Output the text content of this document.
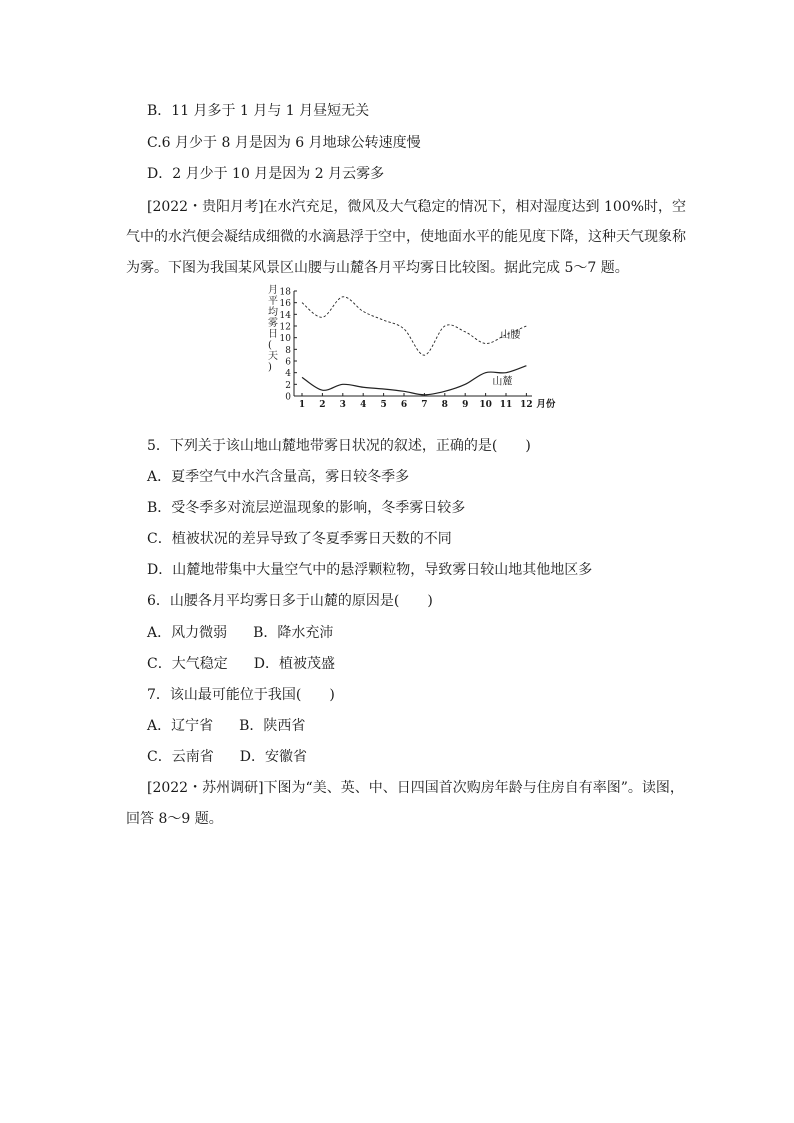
B．11 月多于 1 月与 1 月昼短无关
C.6 月少于 8 月是因为 6 月地球公转速度慢
D．2 月少于 10 月是因为 2 月云雾多
[2022・贵阳月考]在水汽充足，微风及大气稳定的情况下，相对湿度达到 100%时，空
气中的水汽便会凝结成细微的水滴悬浮于空中，使地面水平的能见度下降，这种天气现象称
为雾。下图为我国某风景区山腰与山麓各月平均雾日比较图。据此完成 5～7 题。
0
2
4
6
8
10
12
14
16
18
1 2 3 4 5 6 7 8 9 10 11 12 月份
月平均雾日(天)
山腰
山麓
5．下列关于该山地山麓地带雾日状况的叙述，正确的是(　　)
A．夏季空气中水汽含量高，雾日较冬季多
B．受冬季多对流层逆温现象的影响，冬季雾日较多
C．植被状况的差异导致了冬夏季雾日天数的不同
D．山麓地带集中大量空气中的悬浮颗粒物，导致雾日较山地其他地区多
6．山腰各月平均雾日多于山麓的原因是(　　)
A．风力微弱 B．降水充沛
C．大气稳定 D．植被茂盛
7．该山最可能位于我国(　　)
A．辽宁省 B．陕西省
C．云南省 D．安徽省
[2022・苏州调研]下图为“美、英、中、日四国首次购房年龄与住房自有率图”。读图，
回答 8～9 题。
